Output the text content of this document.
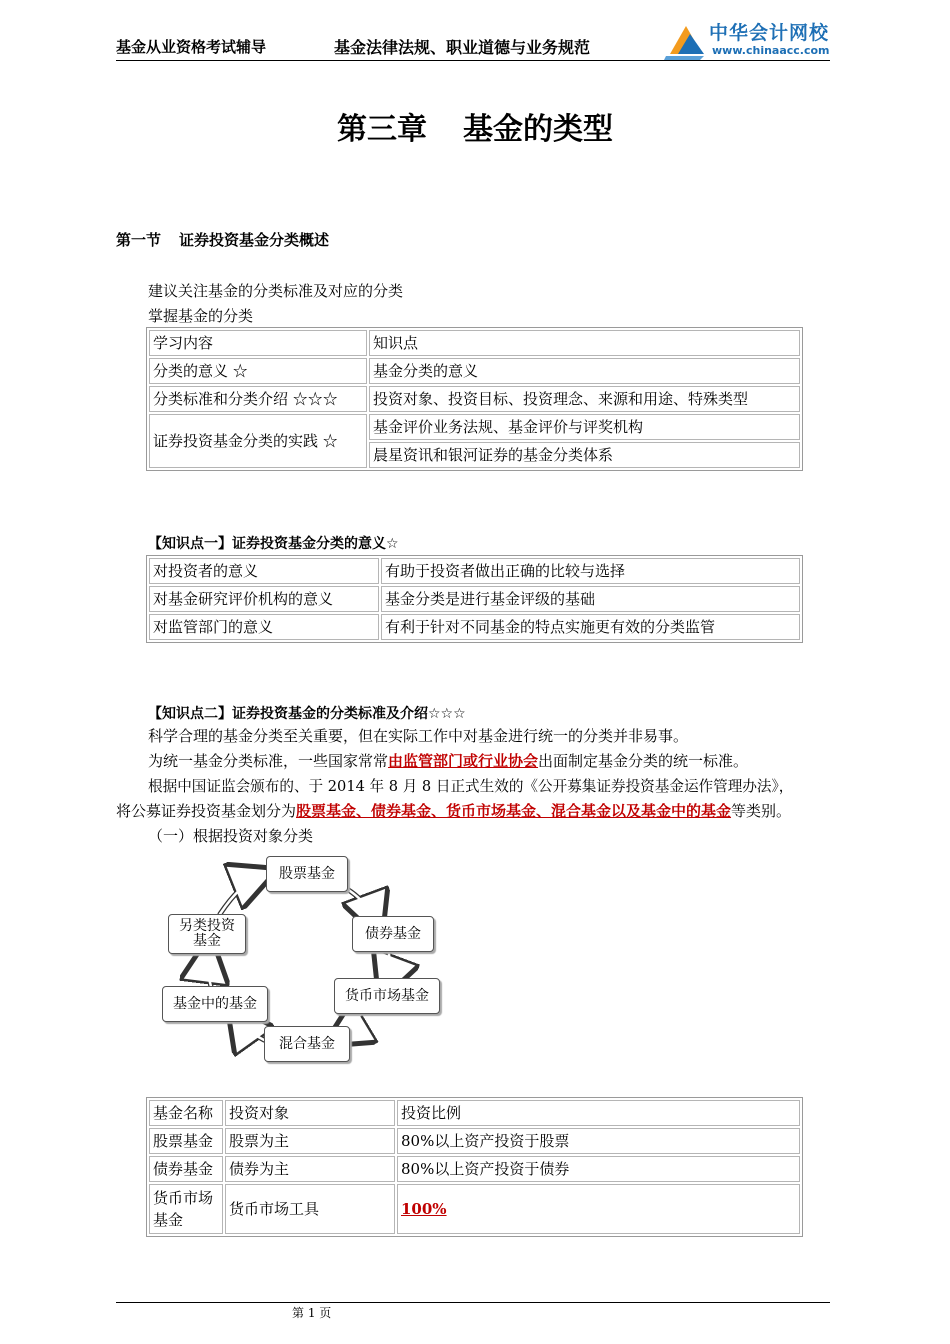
基金从业资格考试辅导	基金法律法规、职业道德与业务规范
中华会计网校
www.chinaacc.com
第三章 基金的类型
第一节 证券投资基金分类概述
建议关注基金的分类标准及对应的分类
掌握基金的分类
学习内容	知识点
分类的意义 ☆	基金分类的意义
分类标准和分类介绍 ☆☆☆	投资对象、投资目标、投资理念、来源和用途、特殊类型
证券投资基金分类的实践 ☆	基金评价业务法规、基金评价与评奖机构
	晨星资讯和银河证券的基金分类体系
【知识点一】证券投资基金分类的意义☆
对投资者的意义	有助于投资者做出正确的比较与选择
对基金研究评价机构的意义	基金分类是进行基金评级的基础
对监管部门的意义	有利于针对不同基金的特点实施更有效的分类监管
【知识点二】证券投资基金的分类标准及介绍☆☆☆
科学合理的基金分类至关重要，但在实际工作中对基金进行统一的分类并非易事。
为统一基金分类标准，一些国家常常由监管部门或行业协会出面制定基金分类的统一标准。
根据中国证监会颁布的、于 2014 年 8 月 8 日正式生效的《公开募集证券投资基金运作管理办法》，
将公募证券投资基金划分为股票基金、债券基金、货币市场基金、混合基金以及基金中的基金等类别。
（一）根据投资对象分类
股票基金
债券基金
货币市场基金
混合基金
基金中的基金
另类投资
基金
基金名称	投资对象	投资比例
股票基金	股票为主	80%以上资产投资于股票
债券基金	债券为主	80%以上资产投资于债券

货币市场
基金	货币市场工具	100%
第 1 页
